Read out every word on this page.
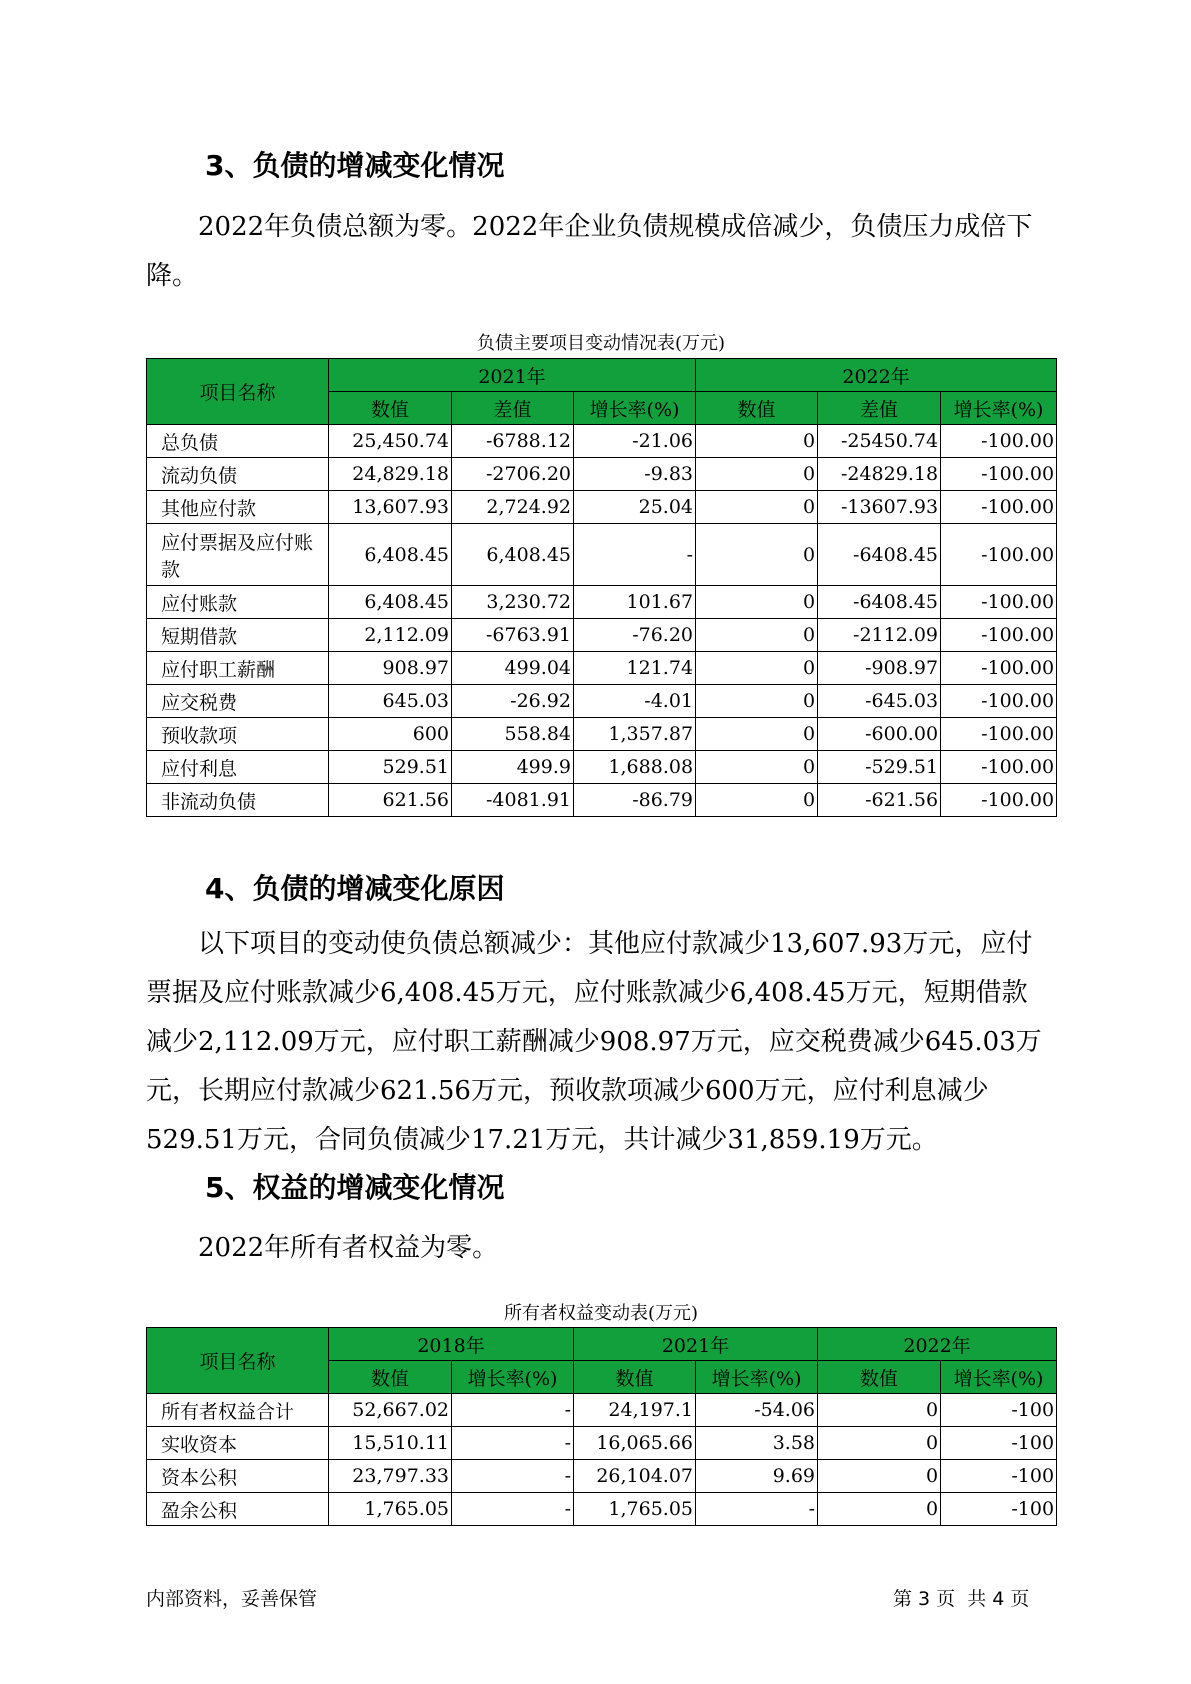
3、负债的增减变化情况

2022年负债总额为零。2022年企业负债规模成倍减少，负债压力成倍下降。

负债主要项目变动情况表(万元)
项目名称	2021年			2022年		
	数值	差值	增长率(%)	数值	差值	增长率(%)
总负债	25,450.74	-6788.12	-21.06	0	-25450.74	-100.00
流动负债	24,829.18	-2706.20	-9.83	0	-24829.18	-100.00
其他应付款	13,607.93	2,724.92	25.04	0	-13607.93	-100.00
应付票据及应付账款	6,408.45	6,408.45	-	0	-6408.45	-100.00
应付账款	6,408.45	3,230.72	101.67	0	-6408.45	-100.00
短期借款	2,112.09	-6763.91	-76.20	0	-2112.09	-100.00
应付职工薪酬	908.97	499.04	121.74	0	-908.97	-100.00
应交税费	645.03	-26.92	-4.01	0	-645.03	-100.00
预收款项	600	558.84	1,357.87	0	-600.00	-100.00
应付利息	529.51	499.9	1,688.08	0	-529.51	-100.00
非流动负债	621.56	-4081.91	-86.79	0	-621.56	-100.00
4、负债的增减变化原因

以下项目的变动使负债总额减少：其他应付款减少13,607.93万元，应付票据及应付账款减少6,408.45万元，应付账款减少6,408.45万元，短期借款减少2,112.09万元，应付职工薪酬减少908.97万元，应交税费减少645.03万元，长期应付款减少621.56万元，预收款项减少600万元，应付利息减少529.51万元，合同负债减少17.21万元，共计减少31,859.19万元。

5、权益的增减变化情况

2022年所有者权益为零。

所有者权益变动表(万元)
项目名称	2018年		2021年		2022年	
	数值	增长率(%)	数值	增长率(%)	数值	增长率(%)
所有者权益合计	52,667.02	-	24,197.1	-54.06	0	-100
实收资本	15,510.11	-	16,065.66	3.58	0	-100
资本公积	23,797.33	-	26,104.07	9.69	0	-100
盈余公积	1,765.05	-	1,765.05	-	0	-100
内部资料，妥善保管	第 3 页  共 4 页
